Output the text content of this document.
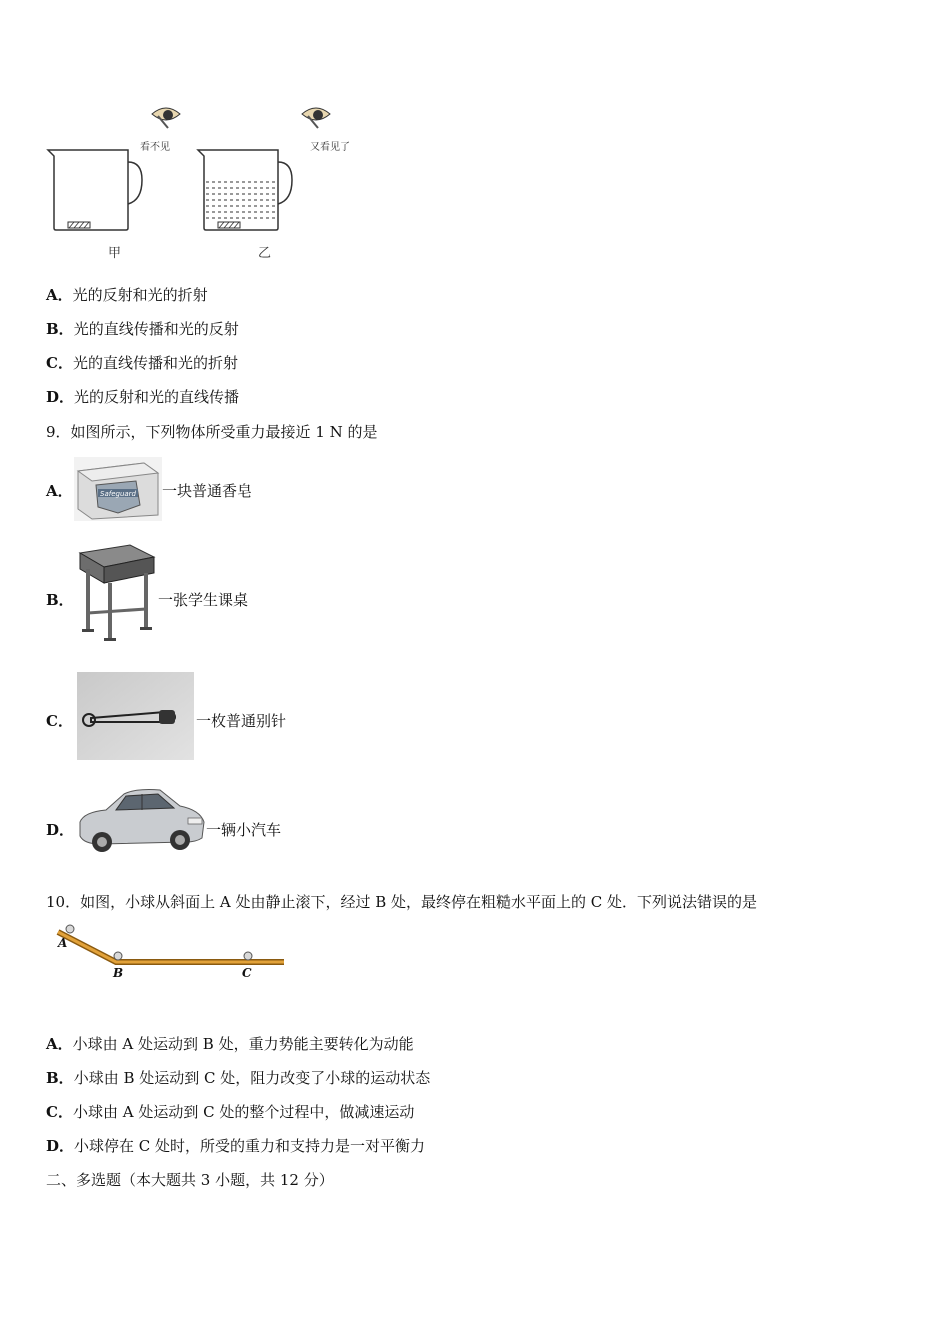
看不见	又看见了
甲	乙
A．光的反射和光的折射
B．光的直线传播和光的反射
C．光的直线传播和光的折射
D．光的反射和光的直线传播
9．如图所示，下列物体所受重力最接近 1 N 的是
A．	Safeguard 一块普通香皂
B．	一张学生课桌
C．	一枚普通别针
D．	一辆小汽车
10．如图，小球从斜面上 A 处由静止滚下，经过 B 处，最终停在粗糙水平面上的 C 处．下列说法错误的是
A
B	C
A．小球由 A 处运动到 B 处，重力势能主要转化为动能
B．小球由 B 处运动到 C 处，阻力改变了小球的运动状态
C．小球由 A 处运动到 C 处的整个过程中，做减速运动
D．小球停在 C 处时，所受的重力和支持力是一对平衡力
二、多选题（本大题共 3 小题，共 12 分）
